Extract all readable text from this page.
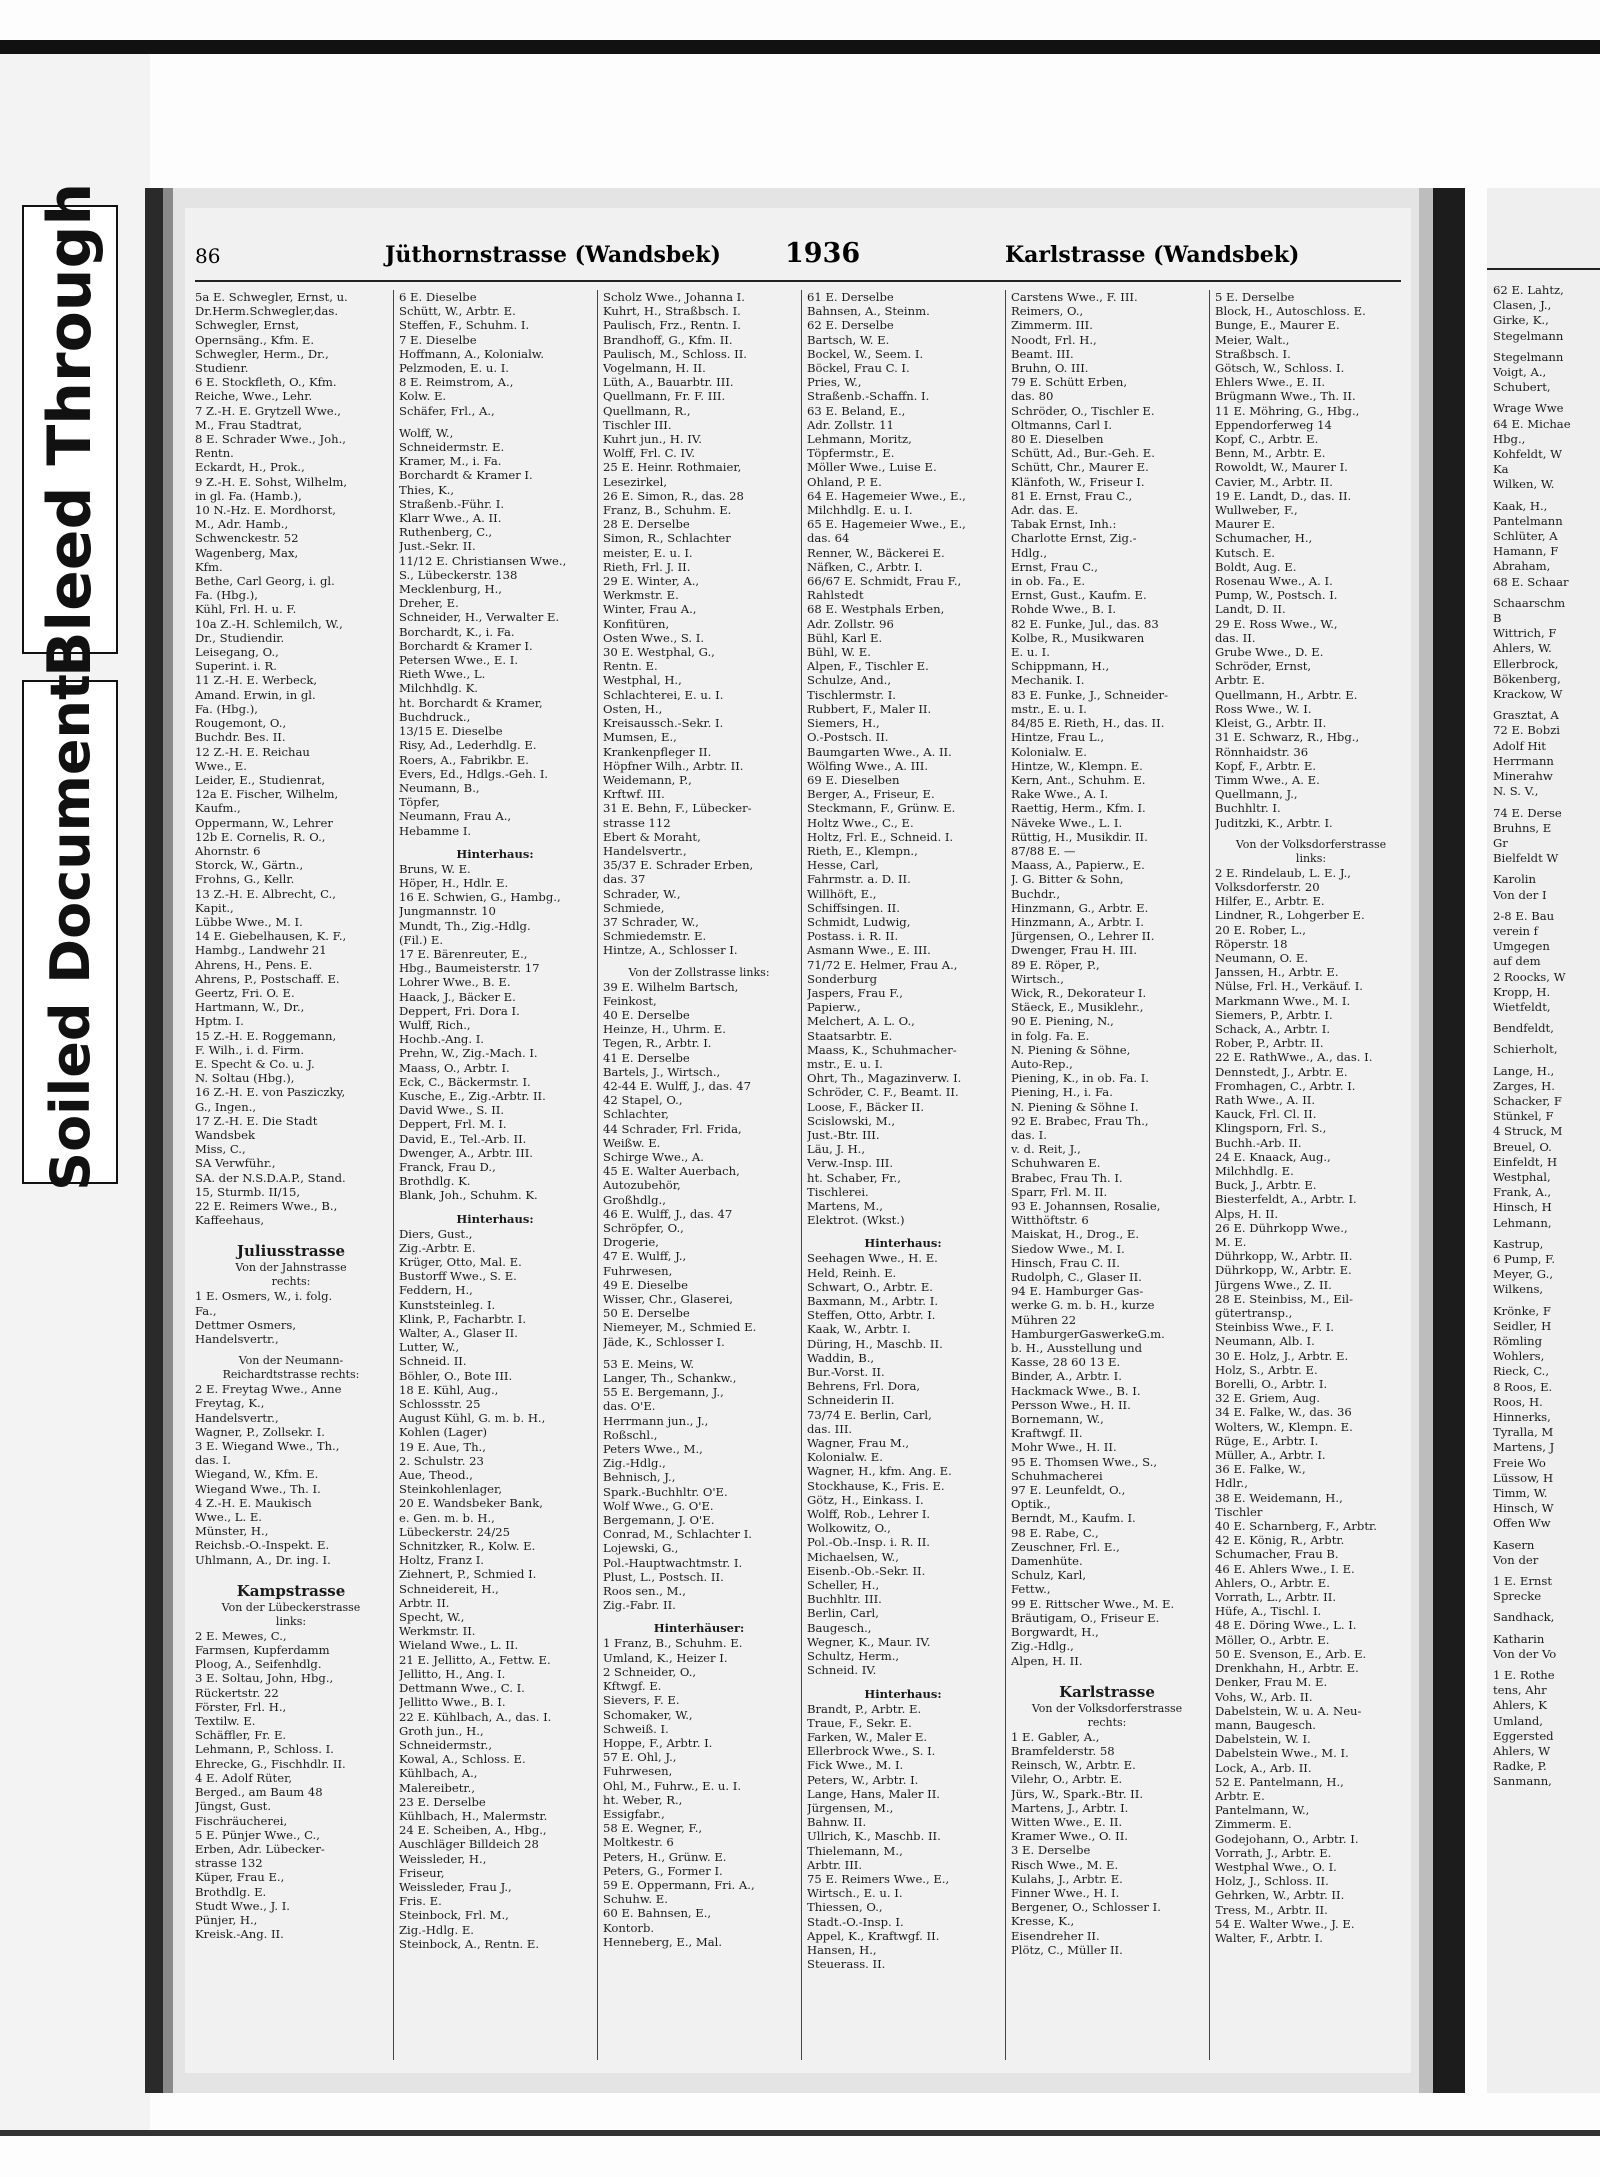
Bleed Through
Soiled Document
86	Jüthornstrasse (Wandsbek) 1936	Karlstrasse (Wandsbek)
5a E. Schwegler, Ernst, u.
Dr.Herm.Schwegler,das.
Schwegler, Ernst,
Opernsäng., Kfm. E.
Schwegler, Herm., Dr.,
Studienr.
6 E. Stockfleth, O., Kfm.
Reiche, Wwe., Lehr.
7 Z.-H. E. Grytzell Wwe.,
M., Frau Stadtrat,
8 E. Schrader Wwe., Joh.,
Rentn.
Eckardt, H., Prok.,
9 Z.-H. E. Sohst, Wilhelm,
in gl. Fa. (Hamb.),
10 N.-Hz. E. Mordhorst,
M., Adr. Hamb.,
Schwenckestr. 52
Wagenberg, Max,
Kfm.
Bethe, Carl Georg, i. gl.
Fa. (Hbg.),
Kühl, Frl. H. u. F.
10a Z.-H. Schlemilch, W.,
Dr., Studiendir.
Leisegang, O.,
Superint. i. R.
11 Z.-H. E. Werbeck,
Amand. Erwin, in gl.
Fa. (Hbg.),
Rougemont, O.,
Buchdr. Bes. II.
12 Z.-H. E. Reichau
Wwe., E.
Leider, E., Studienrat,
12a E. Fischer, Wilhelm,
Kaufm.,
Oppermann, W., Lehrer
12b E. Cornelis, R. O.,
Ahornstr. 6
Storck, W., Gärtn.,
Frohns, G., Kellr.
13 Z.-H. E. Albrecht, C.,
Kapit.,
Lübbe Wwe., M. I.
14 E. Giebelhausen, K. F.,
Hambg., Landwehr 21
Ahrens, H., Pens. E.
Ahrens, P., Postschaff. E.
Geertz, Fri. O. E.
Hartmann, W., Dr.,
Hptm. I.
15 Z.-H. E. Roggemann,
F. Wilh., i. d. Firm.
E. Specht & Co. u. J.
N. Soltau (Hbg.),
16 Z.-H. E. von Pasziczky,
G., Ingen.,
17 Z.-H. E. Die Stadt
Wandsbek
Miss, C.,
SA Verwführ.,
SA. der N.S.D.A.P., Stand.
15, Sturmb. II/15,
22 E. Reimers Wwe., B.,
Kaffeehaus,
Juliusstrasse
Von der Jahnstrasse
rechts:
1 E. Osmers, W., i. folg.
Fa.,
Dettmer Osmers,
Handelsvertr.,
Von der Neumann-
Reichardtstrasse rechts:
2 E. Freytag Wwe., Anne
Freytag, K.,
Handelsvertr.,
Wagner, P., Zollsekr. I.
3 E. Wiegand Wwe., Th.,
das. I.
Wiegand, W., Kfm. E.
Wiegand Wwe., Th. I.
4 Z.-H. E. Maukisch
Wwe., L. E.
Münster, H.,
Reichsb.-O.-Inspekt. E.
Uhlmann, A., Dr. ing. I.
Kampstrasse
Von der Lübeckerstrasse
links:
2 E. Mewes, C.,
Farmsen, Kupferdamm
Ploog, A., Seifenhdlg.
3 E. Soltau, John, Hbg.,
Rückertstr. 22
Förster, Frl. H.,
Textilw. E.
Schäffler, Fr. E.
Lehmann, P., Schloss. I.
Ehrecke, G., Fischhdlr. II.
4 E. Adolf Rüter,
Berged., am Baum 48
Jüngst, Gust.
Fischräucherei,
5 E. Pünjer Wwe., C.,
Erben, Adr. Lübecker-
strasse 132
Küper, Frau E.,
Brothdlg. E.
Studt Wwe., J. I.
Pünjer, H.,
Kreisk.-Ang. II.
6 E. Dieselbe
Schütt, W., Arbtr. E.
Steffen, F., Schuhm. I.
7 E. Dieselbe
Hoffmann, A., Kolonialw.
Pelzmoden, E. u. I.
8 E. Reimstrom, A.,
Kolw. E.
Schäfer, Frl., A.,
Wolff, W.,
Schneidermstr. E.
Kramer, M., i. Fa.
Borchardt & Kramer I.
Thies, K.,
Straßenb.-Führ. I.
Klarr Wwe., A. II.
Ruthenberg, C.,
Just.-Sekr. II.
11/12 E. Christiansen Wwe.,
S., Lübeckerstr. 138
Mecklenburg, H.,
Dreher, E.
Schneider, H., Verwalter E.
Borchardt, K., i. Fa.
Borchardt & Kramer I.
Petersen Wwe., E. I.
Rieth Wwe., L.
Milchhdlg. K.
ht. Borchardt & Kramer,
Buchdruck.,
13/15 E. Dieselbe
Risy, Ad., Lederhdlg. E.
Roers, A., Fabrikbr. E.
Evers, Ed., Hdlgs.-Geh. I.
Neumann, B.,
Töpfer,
Neumann, Frau A.,
Hebamme I.
Hinterhaus:
Bruns, W. E.
Höper, H., Hdlr. E.
16 E. Schwien, G., Hambg.,
Jungmannstr. 10
Mundt, Th., Zig.-Hdlg.
(Fil.) E.
17 E. Bärenreuter, E.,
Hbg., Baumeisterstr. 17
Lohrer Wwe., B. E.
Haack, J., Bäcker E.
Deppert, Fri. Dora I.
Wulff, Rich.,
Hochb.-Ang. I.
Prehn, W., Zig.-Mach. I.
Maass, O., Arbtr. I.
Eck, C., Bäckermstr. I.
Kusche, E., Zig.-Arbtr. II.
David Wwe., S. II.
Deppert, Frl. M. I.
David, E., Tel.-Arb. II.
Dwenger, A., Arbtr. III.
Franck, Frau D.,
Brothdlg. K.
Blank, Joh., Schuhm. K.
Hinterhaus:
Diers, Gust.,
Zig.-Arbtr. E.
Krüger, Otto, Mal. E.
Bustorff Wwe., S. E.
Feddern, H.,
Kunststeinleg. I.
Klink, P., Facharbtr. I.
Walter, A., Glaser II.
Lutter, W.,
Schneid. II.
Böhler, O., Bote III.
18 E. Kühl, Aug.,
Schlossstr. 25
August Kühl, G. m. b. H.,
Kohlen (Lager)
19 E. Aue, Th.,
2. Schulstr. 23
Aue, Theod.,
Steinkohlenlager,
20 E. Wandsbeker Bank,
e. Gen. m. b. H.,
Lübeckerstr. 24/25
Schnitzker, R., Kolw. E.
Holtz, Franz I.
Ziehnert, P., Schmied I.
Schneidereit, H.,
Arbtr. II.
Specht, W.,
Werkmstr. II.
Wieland Wwe., L. II.
21 E. Jellitto, A., Fettw. E.
Jellitto, H., Ang. I.
Dettmann Wwe., C. I.
Jellitto Wwe., B. I.
22 E. Kühlbach, A., das. I.
Groth jun., H.,
Schneidermstr.,
Kowal, A., Schloss. E.
Kühlbach, A.,
Malereibetr.,
23 E. Derselbe
Kühlbach, H., Malermstr.
24 E. Scheiben, A., Hbg.,
Auschläger Billdeich 28
Weissleder, H.,
Friseur,
Weissleder, Frau J.,
Fris. E.
Steinbock, Frl. M.,
Zig.-Hdlg. E.
Steinbock, A., Rentn. E.
Scholz Wwe., Johanna I.
Kuhrt, H., Straßbsch. I.
Paulisch, Frz., Rentn. I.
Brandhoff, G., Kfm. II.
Paulisch, M., Schloss. II.
Vogelmann, H. II.
Lüth, A., Bauarbtr. III.
Quellmann, Fr. F. III.
Quellmann, R.,
Tischler III.
Kuhrt jun., H. IV.
Wolff, Frl. C. IV.
25 E. Heinr. Rothmaier,
Lesezirkel,
26 E. Simon, R., das. 28
Franz, B., Schuhm. E.
28 E. Derselbe
Simon, R., Schlachter
meister, E. u. I.
Rieth, Frl. J. II.
29 E. Winter, A.,
Werkmstr. E.
Winter, Frau A.,
Konfitüren,
Osten Wwe., S. I.
30 E. Westphal, G.,
Rentn. E.
Westphal, H.,
Schlachterei, E. u. I.
Osten, H.,
Kreisaussch.-Sekr. I.
Mumsen, E.,
Krankenpfleger II.
Höpfner Wilh., Arbtr. II.
Weidemann, P.,
Krftwf. III.
31 E. Behn, F., Lübecker-
strasse 112
Ebert & Moraht,
Handelsvertr.,
35/37 E. Schrader Erben,
das. 37
Schrader, W.,
Schmiede,
37 Schrader, W.,
Schmiedemstr. E.
Hintze, A., Schlosser I.
Von der Zollstrasse links:
39 E. Wilhelm Bartsch,
Feinkost,
40 E. Derselbe
Heinze, H., Uhrm. E.
Tegen, R., Arbtr. I.
41 E. Derselbe
Bartels, J., Wirtsch.,
42-44 E. Wulff, J., das. 47
42 Stapel, O.,
Schlachter,
44 Schrader, Frl. Frida,
Weißw. E.
Schirge Wwe., A.
45 E. Walter Auerbach,
Autozubehör,
Großhdlg.,
46 E. Wulff, J., das. 47
Schröpfer, O.,
Drogerie,
47 E. Wulff, J.,
Fuhrwesen,
49 E. Dieselbe
Wisser, Chr., Glaserei,
50 E. Derselbe
Niemeyer, M., Schmied E.
Jäde, K., Schlosser I.
53 E. Meins, W.
Langer, Th., Schankw.,
55 E. Bergemann, J.,
das. O'E.
Herrmann jun., J.,
Roßschl.,
Peters Wwe., M.,
Zig.-Hdlg.,
Behnisch, J.,
Spark.-Buchhltr. O'E.
Wolf Wwe., G. O'E.
Bergemann, J. O'E.
Conrad, M., Schlachter I.
Lojewski, G.,
Pol.-Hauptwachtmstr. I.
Plust, L., Postsch. II.
Roos sen., M.,
Zig.-Fabr. II.
Hinterhäuser:
1 Franz, B., Schuhm. E.
Umland, K., Heizer I.
2 Schneider, O.,
Kftwgf. E.
Sievers, F. E.
Schomaker, W.,
Schweiß. I.
Hoppe, F., Arbtr. I.
57 E. Ohl, J.,
Fuhrwesen,
Ohl, M., Fuhrw., E. u. I.
ht. Weber, R.,
Essigfabr.,
58 E. Wegner, F.,
Moltkestr. 6
Peters, H., Grünw. E.
Peters, G., Former I.
59 E. Oppermann, Fri. A.,
Schuhw. E.
60 E. Bahnsen, E.,
Kontorb.
Henneberg, E., Mal.
61 E. Derselbe
Bahnsen, A., Steinm.
62 E. Derselbe
Bartsch, W. E.
Bockel, W., Seem. I.
Böckel, Frau C. I.
Pries, W.,
Straßenb.-Schaffn. I.
63 E. Beland, E.,
Adr. Zollstr. 11
Lehmann, Moritz,
Töpfermstr., E.
Möller Wwe., Luise E.
Ohland, P. E.
64 E. Hagemeier Wwe., E.,
Milchhdlg. E. u. I.
65 E. Hagemeier Wwe., E.,
das. 64
Renner, W., Bäckerei E.
Näfken, C., Arbtr. I.
66/67 E. Schmidt, Frau F.,
Rahlstedt
68 E. Westphals Erben,
Adr. Zollstr. 96
Bühl, Karl E.
Bühl, W. E.
Alpen, F., Tischler E.
Schulze, And.,
Tischlermstr. I.
Rubbert, F., Maler II.
Siemers, H.,
O.-Postsch. II.
Baumgarten Wwe., A. II.
Wölfing Wwe., A. III.
69 E. Dieselben
Berger, A., Friseur, E.
Steckmann, F., Grünw. E.
Holtz Wwe., C., E.
Holtz, Frl. E., Schneid. I.
Rieth, E., Klempn.,
Hesse, Carl,
Fahrmstr. a. D. II.
Willhöft, E.,
Schiffsingen. II.
Schmidt, Ludwig,
Postass. i. R. II.
Asmann Wwe., E. III.
71/72 E. Helmer, Frau A.,
Sonderburg
Jaspers, Frau F.,
Papierw.,
Melchert, A. L. O.,
Staatsarbtr. E.
Maass, K., Schuhmacher-
mstr., E. u. I.
Ohrt, Th., Magazinverw. I.
Schröder, C. F., Beamt. II.
Loose, F., Bäcker II.
Scislowski, M.,
Just.-Btr. III.
Läu, J. H.,
Verw.-Insp. III.
ht. Schaber, Fr.,
Tischlerei.
Martens, M.,
Elektrot. (Wkst.)
Hinterhaus:
Seehagen Wwe., H. E.
Held, Reinh. E.
Schwart, O., Arbtr. E.
Baxmann, M., Arbtr. I.
Steffen, Otto, Arbtr. I.
Kaak, W., Arbtr. I.
Düring, H., Maschb. II.
Waddin, B.,
Bur.-Vorst. II.
Behrens, Frl. Dora,
Schneiderin II.
73/74 E. Berlin, Carl,
das. III.
Wagner, Frau M.,
Kolonialw. E.
Wagner, H., kfm. Ang. E.
Stockhause, K., Fris. E.
Götz, H., Einkass. I.
Wolff, Rob., Lehrer I.
Wolkowitz, O.,
Pol.-Ob.-Insp. i. R. II.
Michaelsen, W.,
Eisenb.-Ob.-Sekr. II.
Scheller, H.,
Buchhltr. III.
Berlin, Carl,
Baugesch.,
Wegner, K., Maur. IV.
Schultz, Herm.,
Schneid. IV.
Hinterhaus:
Brandt, P., Arbtr. E.
Traue, F., Sekr. E.
Farken, W., Maler E.
Ellerbrock Wwe., S. I.
Fick Wwe., M. I.
Peters, W., Arbtr. I.
Lange, Hans, Maler II.
Jürgensen, M.,
Bahnw. II.
Ullrich, K., Maschb. II.
Thielemann, M.,
Arbtr. III.
75 E. Reimers Wwe., E.,
Wirtsch., E. u. I.
Thiessen, O.,
Stadt.-O.-Insp. I.
Appel, K., Kraftwgf. II.
Hansen, H.,
Steuerass. II.
Carstens Wwe., F. III.
Reimers, O.,
Zimmerm. III.
Noodt, Frl. H.,
Beamt. III.
Bruhn, O. III.
79 E. Schütt Erben,
das. 80
Schröder, O., Tischler E.
Oltmanns, Carl I.
80 E. Dieselben
Schütt, Ad., Bur.-Geh. E.
Schütt, Chr., Maurer E.
Klänfoth, W., Friseur I.
81 E. Ernst, Frau C.,
Adr. das. E.
Tabak Ernst, Inh.:
Charlotte Ernst, Zig.-
Hdlg.,
Ernst, Frau C.,
in ob. Fa., E.
Ernst, Gust., Kaufm. E.
Rohde Wwe., B. I.
82 E. Funke, Jul., das. 83
Kolbe, R., Musikwaren
E. u. I.
Schippmann, H.,
Mechanik. I.
83 E. Funke, J., Schneider-
mstr., E. u. I.
84/85 E. Rieth, H., das. II.
Hintze, Frau L.,
Kolonialw. E.
Hintze, W., Klempn. E.
Kern, Ant., Schuhm. E.
Rake Wwe., A. I.
Raettig, Herm., Kfm. I.
Näveke Wwe., L. I.
Rüttig, H., Musikdir. II.
87/88 E. —
Maass, A., Papierw., E.
J. G. Bitter & Sohn,
Buchdr.,
Hinzmann, G., Arbtr. E.
Hinzmann, A., Arbtr. I.
Jürgensen, O., Lehrer II.
Dwenger, Frau H. III.
89 E. Röper, P.,
Wirtsch.,
Wick, R., Dekorateur I.
Stäeck, E., Musiklehr.,
90 E. Piening, N.,
in folg. Fa. E.
N. Piening & Söhne,
Auto-Rep.,
Piening, K., in ob. Fa. I.
Piening, H., i. Fa.
N. Piening & Söhne I.
92 E. Brabec, Frau Th.,
das. I.
v. d. Reit, J.,
Schuhwaren E.
Brabec, Frau Th. I.
Sparr, Frl. M. II.
93 E. Johannsen, Rosalie,
Witthöftstr. 6
Maiskat, H., Drog., E.
Siedow Wwe., M. I.
Hinsch, Frau C. II.
Rudolph, C., Glaser II.
94 E. Hamburger Gas-
werke G. m. b. H., kurze
Mühren 22
HamburgerGaswerkeG.m.
b. H., Ausstellung und
Kasse, 28 60 13 E.
Binder, A., Arbtr. I.
Hackmack Wwe., B. I.
Persson Wwe., H. II.
Bornemann, W.,
Kraftwgf. II.
Mohr Wwe., H. II.
95 E. Thomsen Wwe., S.,
Schuhmacherei
97 E. Leunfeldt, O.,
Optik.,
Berndt, M., Kaufm. I.
98 E. Rabe, C.,
Zeuschner, Frl. E.,
Damenhüte.
Schulz, Karl,
Fettw.,
99 E. Rittscher Wwe., M. E.
Bräutigam, O., Friseur E.
Borgwardt, H.,
Zig.-Hdlg.,
Alpen, H. II.
Karlstrasse
Von der Volksdorferstrasse
rechts:
1 E. Gabler, A.,
Bramfelderstr. 58
Reinsch, W., Arbtr. E.
Vilehr, O., Arbtr. E.
Jürs, W., Spark.-Btr. II.
Martens, J., Arbtr. I.
Witten Wwe., E. II.
Kramer Wwe., O. II.
3 E. Derselbe
Risch Wwe., M. E.
Kulahs, J., Arbtr. E.
Finner Wwe., H. I.
Bergener, O., Schlosser I.
Kresse, K.,
Eisendreher II.
Plötz, C., Müller II.
5 E. Derselbe
Block, H., Autoschloss. E.
Bunge, E., Maurer E.
Meier, Walt.,
Straßbsch. I.
Götsch, W., Schloss. I.
Ehlers Wwe., E. II.
Brügmann Wwe., Th. II.
11 E. Möhring, G., Hbg.,
Eppendorferweg 14
Kopf, C., Arbtr. E.
Benn, M., Arbtr. E.
Rowoldt, W., Maurer I.
Cavier, M., Arbtr. II.
19 E. Landt, D., das. II.
Wullweber, F.,
Maurer E.
Schumacher, H.,
Kutsch. E.
Boldt, Aug. E.
Rosenau Wwe., A. I.
Pump, W., Postsch. I.
Landt, D. II.
29 E. Ross Wwe., W.,
das. II.
Grube Wwe., D. E.
Schröder, Ernst,
Arbtr. E.
Quellmann, H., Arbtr. E.
Ross Wwe., W. I.
Kleist, G., Arbtr. II.
31 E. Schwarz, R., Hbg.,
Rönnhaidstr. 36
Kopf, F., Arbtr. E.
Timm Wwe., A. E.
Quellmann, J.,
Buchhltr. I.
Juditzki, K., Arbtr. I.
Von der Volksdorferstrasse
links:
2 E. Rindelaub, L. E. J.,
Volksdorferstr. 20
Hilfer, E., Arbtr. E.
Lindner, R., Lohgerber E.
20 E. Rober, L.,
Röperstr. 18
Neumann, O. E.
Janssen, H., Arbtr. E.
Nülse, Frl. H., Verkäuf. I.
Markmann Wwe., M. I.
Siemers, P., Arbtr. I.
Schack, A., Arbtr. I.
Rober, P., Arbtr. II.
22 E. RathWwe., A., das. I.
Dennstedt, J., Arbtr. E.
Fromhagen, C., Arbtr. I.
Rath Wwe., A. II.
Kauck, Frl. Cl. II.
Klingsporn, Frl. S.,
Buchh.-Arb. II.
24 E. Knaack, Aug.,
Milchhdlg. E.
Buck, J., Arbtr. E.
Biesterfeldt, A., Arbtr. I.
Alps, H. II.
26 E. Dührkopp Wwe.,
M. E.
Dührkopp, W., Arbtr. II.
Dührkopp, W., Arbtr. E.
Jürgens Wwe., Z. II.
28 E. Steinbiss, M., Eil-
gütertransp.,
Steinbiss Wwe., F. I.
Neumann, Alb. I.
30 E. Holz, J., Arbtr. E.
Holz, S., Arbtr. E.
Borelli, O., Arbtr. I.
32 E. Griem, Aug.
34 E. Falke, W., das. 36
Wolters, W., Klempn. E.
Rüge, E., Arbtr. I.
Müller, A., Arbtr. I.
36 E. Falke, W.,
Hdlr.,
38 E. Weidemann, H.,
Tischler
40 E. Scharnberg, F., Arbtr.
42 E. König, R., Arbtr.
Schumacher, Frau B.
46 E. Ahlers Wwe., I. E.
Ahlers, O., Arbtr. E.
Vorrath, L., Arbtr. II.
Hüfe, A., Tischl. I.
48 E. Döring Wwe., L. I.
Möller, O., Arbtr. E.
50 E. Svenson, E., Arb. E.
Drenkhahn, H., Arbtr. E.
Denker, Frau M. E.
Vohs, W., Arb. II.
Dabelstein, W. u. A. Neu-
mann, Baugesch.
Dabelstein, W. I.
Dabelstein Wwe., M. I.
Lock, A., Arb. II.
52 E. Pantelmann, H.,
Arbtr. E.
Pantelmann, W.,
Zimmerm. E.
Godejohann, O., Arbtr. I.
Vorrath, J., Arbtr. E.
Westphal Wwe., O. I.
Holz, J., Schloss. II.
Gehrken, W., Arbtr. II.
Tress, M., Arbtr. II.
54 E. Walter Wwe., J. E.
Walter, F., Arbtr. I.
62 E. Lahtz,
Clasen, J.,
Girke, K.,
Stegelmann
Stegelmann
Voigt, A.,
Schubert,
Wrage Wwe
64 E. Michae
Hbg.,
Kohfeldt, W
Ka
Wilken, W.
Kaak, H.,
Pantelmann
Schlüter, A
Hamann, F
Abraham,
68 E. Schaar
Schaarschm
B
Wittrich, F
Ahlers, W.
Ellerbrock,
Bökenberg,
Krackow, W
Grasztat, A
72 E. Bobzi
Adolf Hit
Herrmann
Minerahw
N. S. V.,
74 E. Derse
Bruhns, E
Gr
Bielfeldt W
Karolin
Von der I
2-8 E. Bau
verein f
Umgegen
auf dem
2 Roocks, W
Kropp, H.
Wietfeldt,
Bendfeldt,
Schierholt,
Lange, H.,
Zarges, H.
Schacker, F
Stünkel, F
4 Struck, M
Breuel, O.
Einfeldt, H
Westphal,
Frank, A.,
Hinsch, H
Lehmann,
Kastrup,
6 Pump, F.
Meyer, G.,
Wilkens,
Krönke, F
Seidler, H
Römling
Wohlers,
Rieck, C.,
8 Roos, E.
Roos, H.
Hinnerks,
Tyralla, M
Martens, J
Freie Wo
Lüssow, H
Timm, W.
Hinsch, W
Offen Ww
Kasern
Von der
1 E. Ernst
Sprecke
Sandhack,
Katharin
Von der Vo
1 E. Rothe
tens, Ahr
Ahlers, K
Umland,
Eggersted
Ahlers, W
Radke, P.
Sanmann,
